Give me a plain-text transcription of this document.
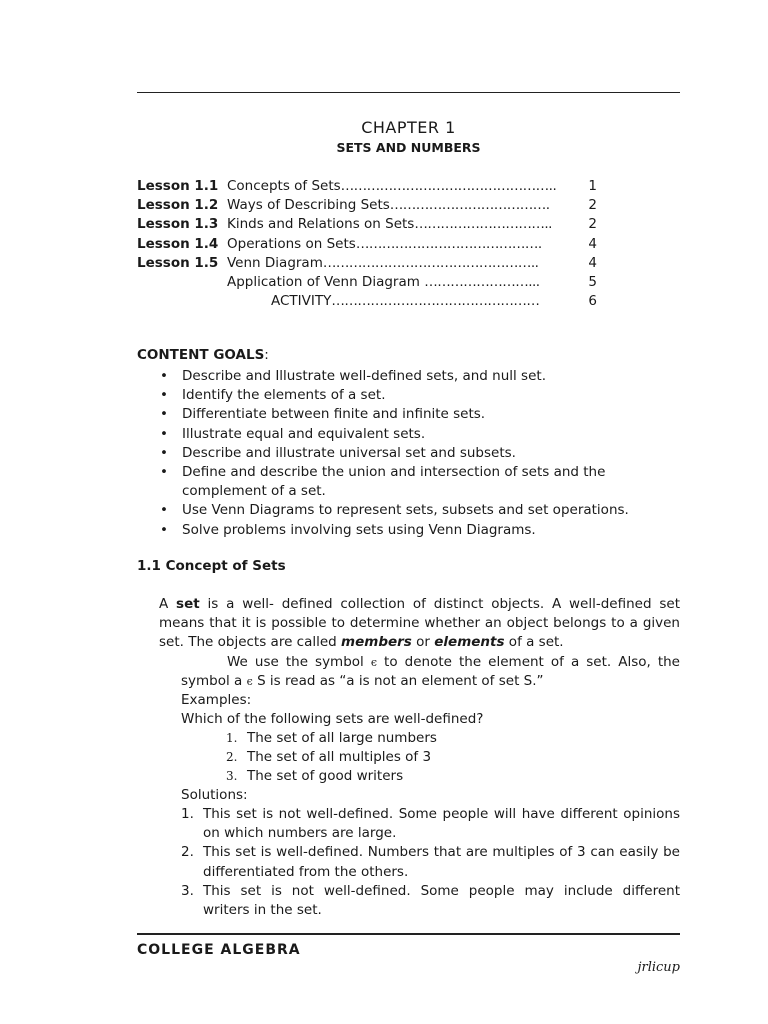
CHAPTER 1
SETS AND NUMBERS
Lesson 1.1 Concepts of Sets………………………………………….. 1
Lesson 1.2 Ways of Describing Sets……………………………….	2
Lesson 1.3 Kinds and Relations on Sets…………………………..	2
Lesson 1.4 Operations on Sets…………………………………….	4
Lesson 1.5 Venn Diagram…………………………………………..	4
Application of Venn Diagram ……………………...	5
ACTIVITY…………………………………………	6
CONTENT GOALS:
• Describe and Illustrate well-defined sets, and null set.
• Identify the elements of a set.
• Differentiate between finite and infinite sets.
• Illustrate equal and equivalent sets.
• Describe and illustrate universal set and subsets.
• Define and describe the union and intersection of sets and the complement of a set.
• Use Venn Diagrams to represent sets, subsets and set operations.
• Solve problems involving sets using Venn Diagrams.
1.1 Concept of Sets
A set is a well- defined collection of distinct objects. A well-defined set means that it is possible to determine whether an object belongs to a given set. The objects are called members or elements of a set.
We use the symbol ϵ to denote the element of a set. Also, the symbol a ϵ S is read as “a is not an element of set S.”
Examples:
Which of the following sets are well-defined?
1. The set of all large numbers
2. The set of all multiples of 3
3. The set of good writers
Solutions:
1. This set is not well-defined. Some people will have different opinions on which numbers are large.
2. This set is well-defined. Numbers that are multiples of 3 can easily be differentiated from the others.
3. This set is not well-defined. Some people may include different writers in the set.
COLLEGE ALGEBRA
jrlicup
